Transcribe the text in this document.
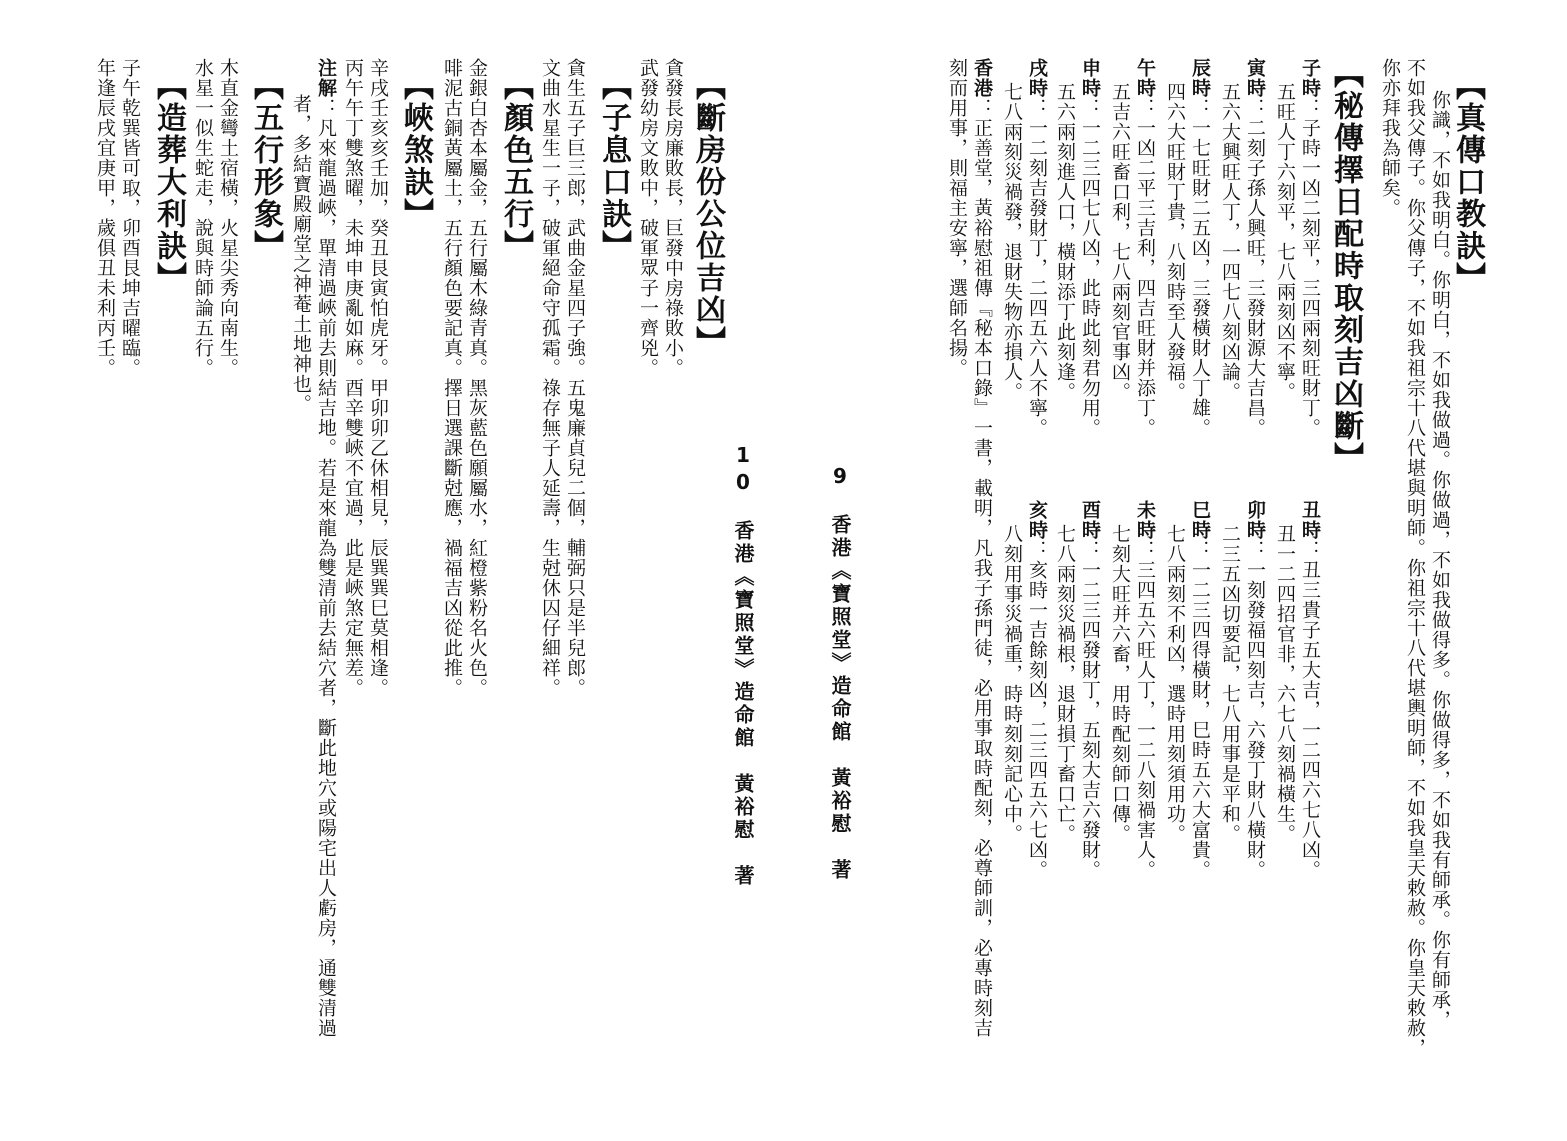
【真傳口教訣】
　你識，不如我明白。你明白，不如我做過。你做過，不如我做得多。你做得多，不如我有師承。你有師承，
不如我父傳子。你父傳子，不如我祖宗十八代堪與明師。你祖宗十八代堪輿明師，不如我皇天敕赦。你皇天敕赦，
你亦拜我為師矣。
【秘傳擇日配時取刻吉凶斷】
子時：子時一凶二刻平，三四兩刻旺財丁。
五旺人丁六刻平，七八兩刻凶不寧。
寅時：二刻子孫人興旺，三發財源大吉昌。
五六大興旺人丁，一四七八刻凶論。
辰時：一七旺財二五凶，三發橫財人丁雄。
四六大旺財丁貴，八刻時至人發福。
午時：一凶二平三吉利，四吉旺財并添丁。
五吉六旺畜口利，七八兩刻官事凶。
申時：一二三四七八凶，此時此刻君勿用。
五六兩刻進人口，橫財添丁此刻逢。
戌時：一二刻吉發財丁，二四五六人不寧。
七八兩刻災禍發，退財失物亦損人。
丑時：丑三貴子五大吉，一二四六七八凶。
丑一二四招官非，六七八刻禍橫生。
卯時：一刻發福四刻吉，六發丁財八橫財。
二三五凶切要記，七八用事是平和。
巳時：一二三四得橫財，巳時五六大富貴。
七八兩刻不利凶，選時用刻須用功。
未時：三四五六旺人丁，一二八刻禍害人。
七刻大旺并六畜，用時配刻師口傳。
酉時：一二三四發財丁，五刻大吉六發財。
七八兩刻災禍根，退財損丁畜口亡。
亥時：亥時一吉餘刻凶，二三四五六七凶。
八刻用事災禍重，時時刻刻記心中。
香港：正善堂，黃裕慰祖傳『秘本口錄』一書，載明，凡我子孫門徒，必用事取時配刻，必尊師訓，必專時刻吉
刻而用事，則福主安寧，選師名揚。
9　香港《寶照堂》造命館　黃裕慰　著
10　香港《寶照堂》造命館　黃裕慰　著
【斷房份公位吉凶】
貪發長房廉敗長，巨發中房祿敗小。
武發幼房文敗中，破軍眾子一齊兇。
【子息口訣】
貪生五子巨三郎，武曲金星四子強。五鬼廉貞兒二個，輔弼只是半兒郎。
文曲水星生一子，破軍絕命守孤霜。祿存無子人延壽，生尅休囚仔細祥。
【顏色五行】
金銀白杏本屬金，五行屬木綠青真。黑灰藍色願屬水，紅橙紫粉名火色。
啡泥古銅黃屬土，五行顏色要記真。擇日選課斷尅應，禍福吉凶從此推。
【峽煞訣】
辛戌壬亥亥壬加，癸丑艮寅怕虎牙。甲卯卯乙休相見，辰巽巽巳莫相逢。
丙午午丁雙煞曜，未坤申庚亂如麻。酉辛雙峽不宜過，此是峽煞定無差。
注解：凡來龍過峽，單清過峽前去則結吉地。若是來龍為雙清前去結穴者，斷此地穴或陽宅出人虧房，通雙清過
者，多結寶殿廟堂之神菴土地神也。
【五行形象】
木直金彎土宿橫，火星尖秀向南生。
水星一似生蛇走，說與時師論五行。
【造葬大利訣】
子午乾巽皆可取，卯酉艮坤吉曜臨。
年逢辰戌宜庚甲，歲俱丑未利丙壬。
